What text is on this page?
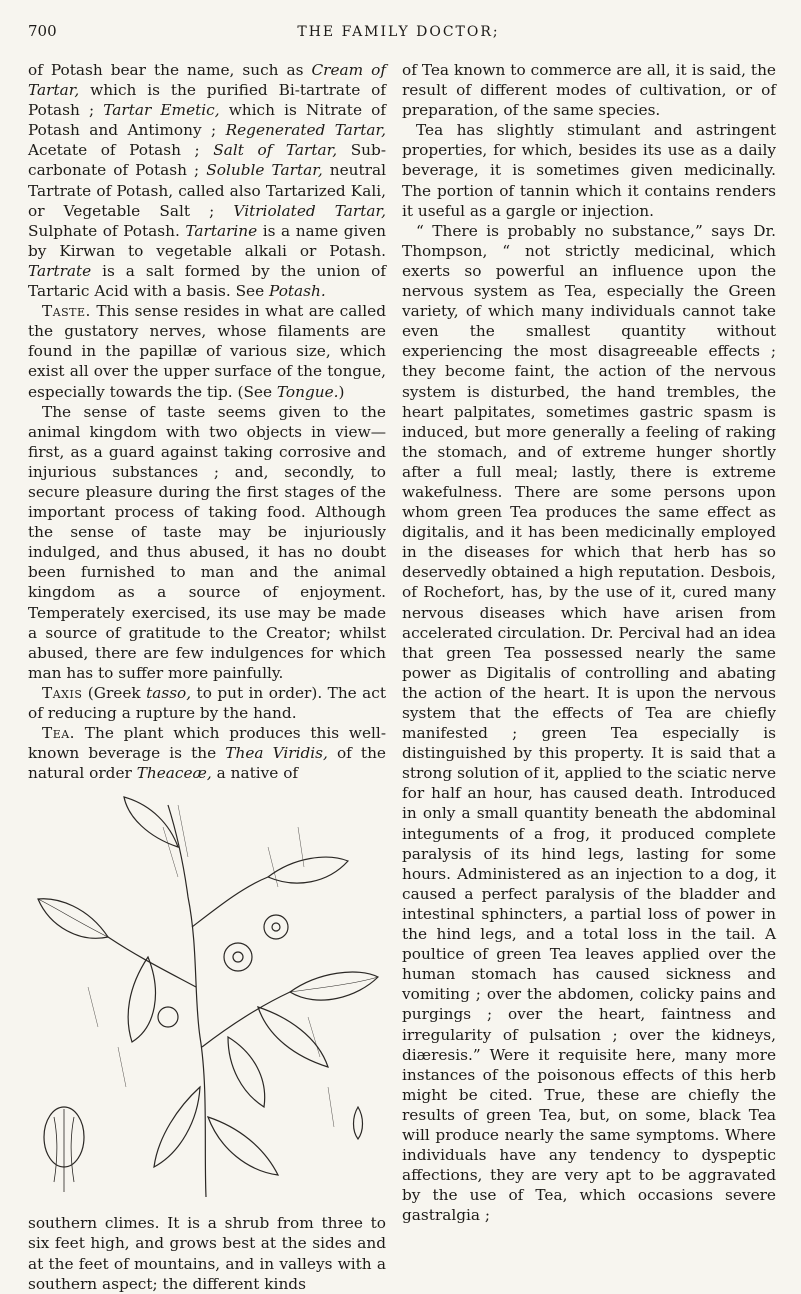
700	THE FAMILY DOCTOR;

of Potash bear the name, such as Cream of Tartar, which is the purified Bi-tartrate of Potash ; Tartar Emetic, which is Nitrate of Potash and Antimony ; Regenerated Tartar, Acetate of Potash ; Salt of Tartar, Sub-carbonate of Potash ; Soluble Tartar, neutral Tartrate of Potash, called also Tartarized Kali, or Vegetable Salt ; Vitriolated Tartar, Sulphate of Potash. Tartarine is a name given by Kirwan to vegetable alkali or Potash. Tartrate is a salt formed by the union of Tartaric Acid with a basis. See Potash.

Taste. This sense resides in what are called the gustatory nerves, whose filaments are found in the papillæ of various size, which exist all over the upper surface of the tongue, especially towards the tip. (See Tongue.)

The sense of taste seems given to the animal kingdom with two objects in view— first, as a guard against taking corrosive and injurious substances ; and, secondly, to secure pleasure during the first stages of the important process of taking food. Although the sense of taste may be injuriously indulged, and thus abused, it has no doubt been furnished to man and the animal kingdom as a source of enjoyment. Temperately exercised, its use may be made a source of gratitude to the Creator; whilst abused, there are few indulgences for which man has to suffer more painfully.

Taxis (Greek tasso, to put in order). The act of reducing a rupture by the hand.

Tea. The plant which produces this well-known beverage is the Thea Viridis, of the natural order Theaceæ, a native of

southern climes. It is a shrub from three to six feet high, and grows best at the sides and at the feet of mountains, and in valleys with a southern aspect; the different kinds

of Tea known to commerce are all, it is said, the result of different modes of cultivation, or of preparation, of the same species.

Tea has slightly stimulant and astringent properties, for which, besides its use as a daily beverage, it is sometimes given medicinally. The portion of tannin which it contains renders it useful as a gargle or injection.

“ There is probably no substance,” says Dr. Thompson, “ not strictly medicinal, which exerts so powerful an influence upon the nervous system as Tea, especially the Green variety, of which many individuals cannot take even the smallest quantity without experiencing the most disagreeable effects ; they become faint, the action of the nervous system is disturbed, the hand trembles, the heart palpitates, sometimes gastric spasm is induced, but more generally a feeling of raking the stomach, and of extreme hunger shortly after a full meal; lastly, there is extreme wakefulness. There are some persons upon whom green Tea produces the same effect as digitalis, and it has been medicinally employed in the diseases for which that herb has so deservedly obtained a high reputation. Desbois, of Rochefort, has, by the use of it, cured many nervous diseases which have arisen from accelerated circulation. Dr. Percival had an idea that green Tea possessed nearly the same power as Digitalis of controlling and abating the action of the heart. It is upon the nervous system that the effects of Tea are chiefly manifested ; green Tea especially is distinguished by this property. It is said that a strong solution of it, applied to the sciatic nerve for half an hour, has caused death. Introduced in only a small quantity beneath the abdominal integuments of a frog, it produced complete paralysis of its hind legs, lasting for some hours. Administered as an injection to a dog, it caused a perfect paralysis of the bladder and intestinal sphincters, a partial loss of power in the hind legs, and a total loss in the tail. A poultice of green Tea leaves applied over the human stomach has caused sickness and vomiting ; over the abdomen, colicky pains and purgings ; over the heart, faintness and irregularity of pulsation ; over the kidneys, diæresis.” Were it requisite here, many more instances of the poisonous effects of this herb might be cited. True, these are chiefly the results of green Tea, but, on some, black Tea will produce nearly the same symptoms. Where individuals have any tendency to dyspeptic affections, they are very apt to be aggravated by the use of Tea, which occasions severe gastralgia ;
